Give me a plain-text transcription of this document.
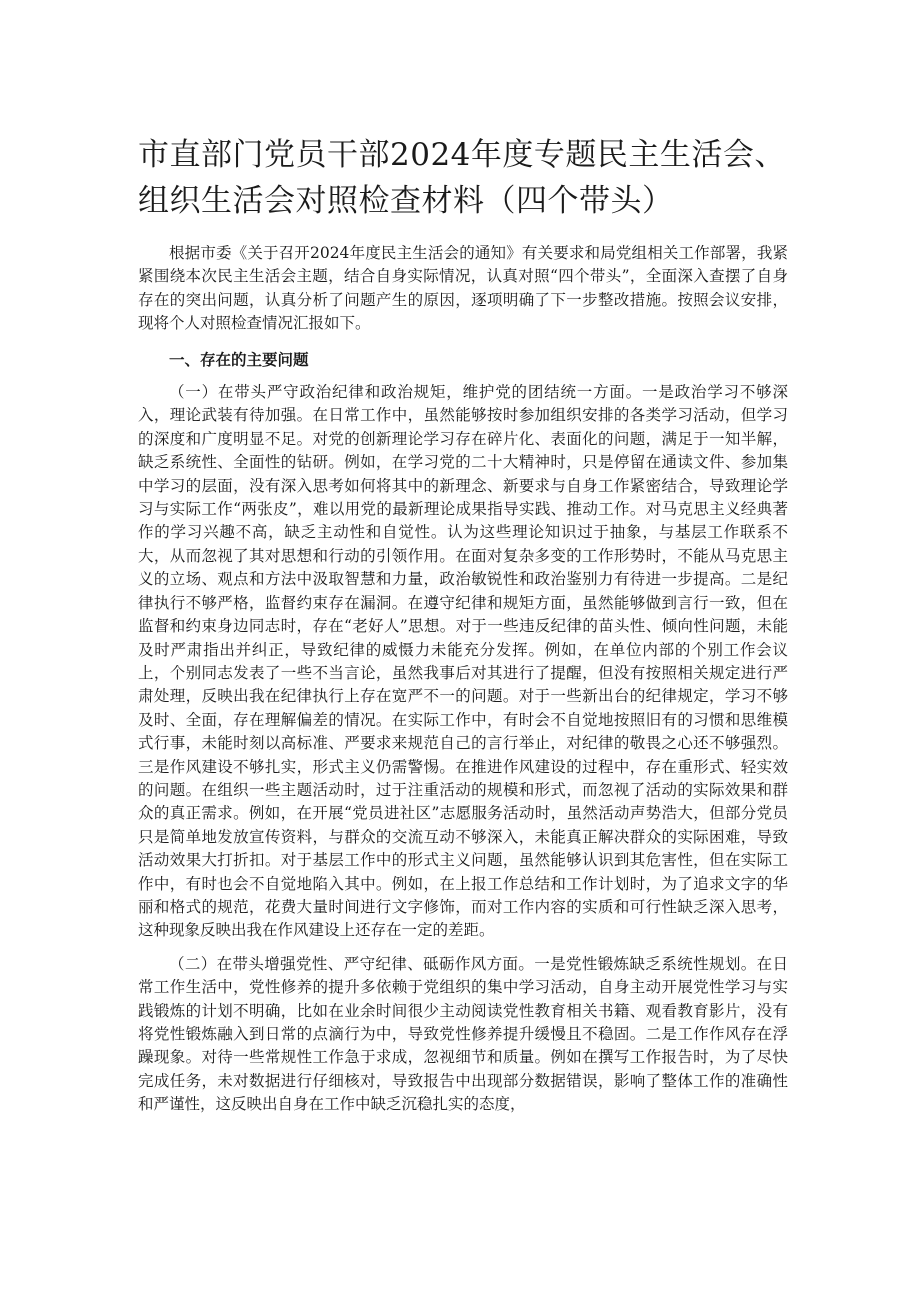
市直部门党员干部2024年度专题民主生活会、组织生活会对照检查材料（四个带头）

根据市委《关于召开2024年度民主生活会的通知》有关要求和局党组相关工作部署，我紧紧围绕本次民主生活会主题，结合自身实际情况，认真对照“四个带头”，全面深入查摆了自身存在的突出问题，认真分析了问题产生的原因，逐项明确了下一步整改措施。按照会议安排，现将个人对照检查情况汇报如下。

一、存在的主要问题

（一）在带头严守政治纪律和政治规矩，维护党的团结统一方面。一是政治学习不够深入，理论武装有待加强。在日常工作中，虽然能够按时参加组织安排的各类学习活动，但学习的深度和广度明显不足。对党的创新理论学习存在碎片化、表面化的问题，满足于一知半解，缺乏系统性、全面性的钻研。例如，在学习党的二十大精神时，只是停留在通读文件、参加集中学习的层面，没有深入思考如何将其中的新理念、新要求与自身工作紧密结合，导致理论学习与实际工作“两张皮”，难以用党的最新理论成果指导实践、推动工作。对马克思主义经典著作的学习兴趣不高，缺乏主动性和自觉性。认为这些理论知识过于抽象，与基层工作联系不大，从而忽视了其对思想和行动的引领作用。在面对复杂多变的工作形势时，不能从马克思主义的立场、观点和方法中汲取智慧和力量，政治敏锐性和政治鉴别力有待进一步提高。二是纪律执行不够严格，监督约束存在漏洞。在遵守纪律和规矩方面，虽然能够做到言行一致，但在监督和约束身边同志时，存在“老好人”思想。对于一些违反纪律的苗头性、倾向性问题，未能及时严肃指出并纠正，导致纪律的威慑力未能充分发挥。例如，在单位内部的个别工作会议上，个别同志发表了一些不当言论，虽然我事后对其进行了提醒，但没有按照相关规定进行严肃处理，反映出我在纪律执行上存在宽严不一的问题。对于一些新出台的纪律规定，学习不够及时、全面，存在理解偏差的情况。在实际工作中，有时会不自觉地按照旧有的习惯和思维模式行事，未能时刻以高标准、严要求来规范自己的言行举止，对纪律的敬畏之心还不够强烈。三是作风建设不够扎实，形式主义仍需警惕。在推进作风建设的过程中，存在重形式、轻实效的问题。在组织一些主题活动时，过于注重活动的规模和形式，而忽视了活动的实际效果和群众的真正需求。例如，在开展“党员进社区”志愿服务活动时，虽然活动声势浩大，但部分党员只是简单地发放宣传资料，与群众的交流互动不够深入，未能真正解决群众的实际困难，导致活动效果大打折扣。对于基层工作中的形式主义问题，虽然能够认识到其危害性，但在实际工作中，有时也会不自觉地陷入其中。例如，在上报工作总结和工作计划时，为了追求文字的华丽和格式的规范，花费大量时间进行文字修饰，而对工作内容的实质和可行性缺乏深入思考，这种现象反映出我在作风建设上还存在一定的差距。

（二）在带头增强党性、严守纪律、砥砺作风方面。一是党性锻炼缺乏系统性规划。在日常工作生活中，党性修养的提升多依赖于党组织的集中学习活动，自身主动开展党性学习与实践锻炼的计划不明确，比如在业余时间很少主动阅读党性教育相关书籍、观看教育影片，没有将党性锻炼融入到日常的点滴行为中，导致党性修养提升缓慢且不稳固。二是工作作风存在浮躁现象。对待一些常规性工作急于求成，忽视细节和质量。例如在撰写工作报告时，为了尽快完成任务，未对数据进行仔细核对，导致报告中出现部分数据错误，影响了整体工作的准确性和严谨性，这反映出自身在工作中缺乏沉稳扎实的态度，
